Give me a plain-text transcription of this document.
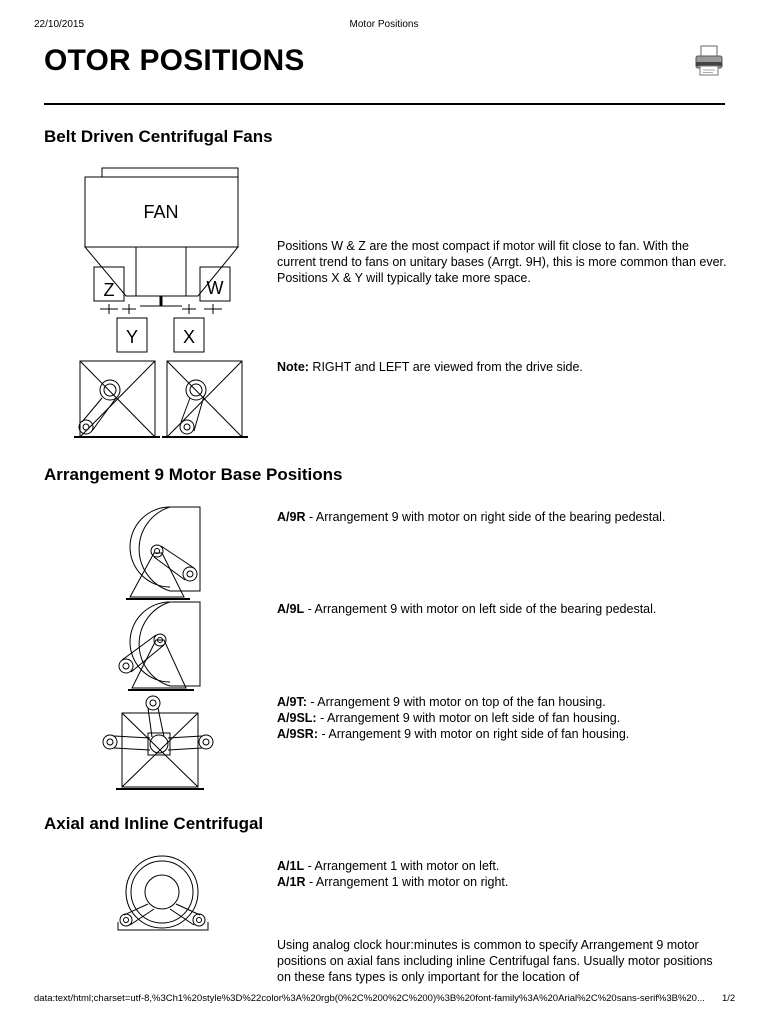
22/10/2015	Motor Positions
OTOR POSITIONS
Belt Driven Centrifugal Fans
FAN
Z	W
Y X
Positions W & Z are the most compact if motor will fit close to fan. With the current trend to fans on unitary bases (Arrgt. 9H), this is more common than ever. Positions X & Y will typically take more space.
Note: RIGHT and LEFT are viewed from the drive side.
Arrangement 9 Motor Base Positions
A/9R - Arrangement 9 with motor on right side of the bearing pedestal.
A/9L - Arrangement 9 with motor on left side of the bearing pedestal.
A/9T: - Arrangement 9 with motor on top of the fan housing.
A/9SL: - Arrangement 9 with motor on left side of fan housing.
A/9SR: - Arrangement 9 with motor on right side of fan housing.
Axial and Inline Centrifugal
A/1L - Arrangement 1 with motor on left.
A/1R - Arrangement 1 with motor on right.
Using analog clock hour:minutes is common to specify Arrangement 9 motor positions on axial fans including inline Centrifugal fans. Usually motor positions on these fans types is only important for the location of
data:text/html;charset=utf-8,%3Ch1%20style%3D%22color%3A%20rgb(0%2C%200%2C%200)%3B%20font-family%3A%20Arial%2C%20sans-serif%3B%20... 1/2
